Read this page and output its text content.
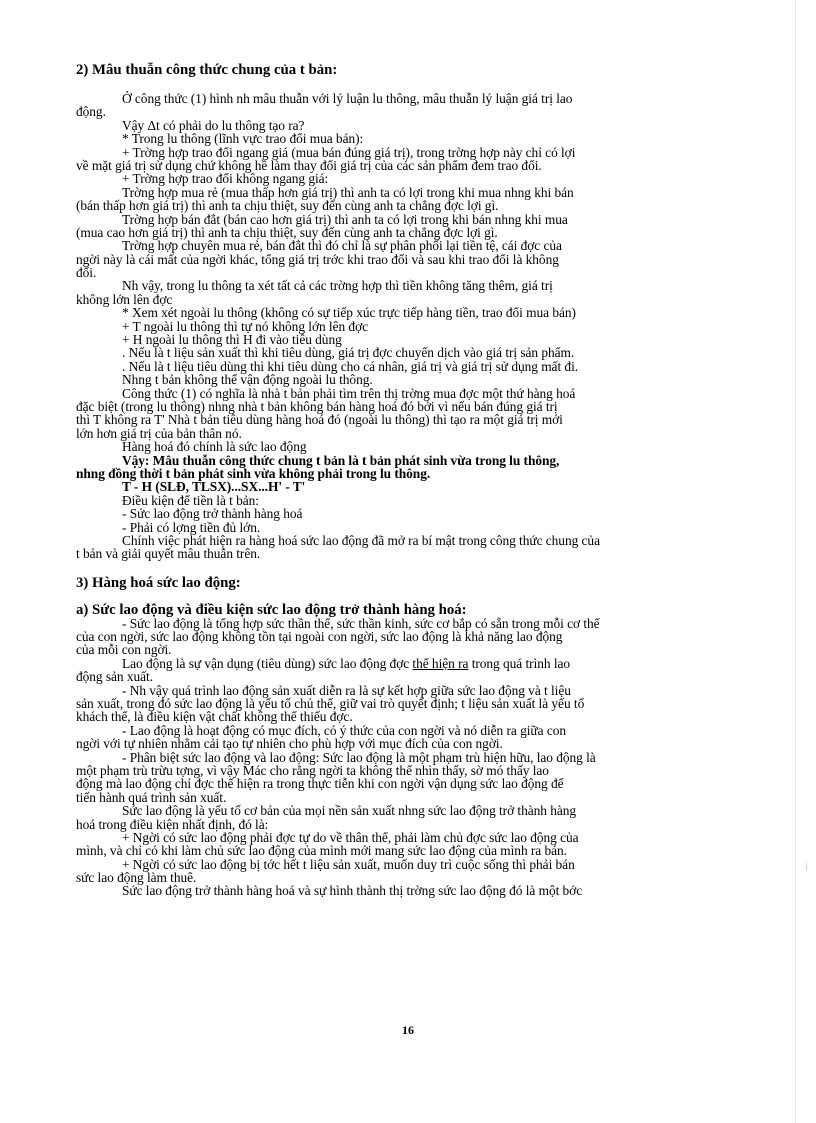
|
2) Mâu thuẫn công thức chung của t bản:
Ở công thức (1) hình nh mâu thuẫn với lý luận lu thông, mâu thuẫn lý luận giá trị lao
động.
Vậy Δt có phải do lu thông tạo ra?
* Trong lu thông (lĩnh vực trao đổi mua bán):
+ Trờng hợp trao đổi ngang giá (mua bán đúng giá trị), trong trờng hợp này chỉ có lợi
về mặt giá trị sử dụng chứ không hề làm thay đổi giá trị của các sản phẩm đem trao đổi.
+ Trờng hợp trao đổi không ngang giá:
Trờng hợp mua rẻ (mua thấp hơn giá trị) thì anh ta có lợi trong khi mua nhng khi bán
(bán thấp hơn giá trị) thì anh ta chịu thiệt, suy đến cùng anh ta chẳng đợc lợi gì.
Trờng hợp bán đắt (bán cao hơn giá trị) thì anh ta có lợi trong khi bán nhng khi mua
(mua cao hơn giá trị) thì anh ta chịu thiệt, suy đến cùng anh ta chẳng đợc lợi gì.
Trờng hợp chuyên mua rẻ, bán đắt thì đó chỉ là sự phân phối lại tiền tệ, cái đợc của
ngời này là cái mất của ngời khác, tổng giá trị trớc khi trao đổi và sau khi trao đổi là không
đổi.
Nh vậy, trong lu thông ta xét tất cả các trờng hợp thì tiền không tăng thêm, giá trị
không lớn lên đợc
* Xem xét ngoài lu thông (không có sự tiếp xúc trực tiếp hàng tiền, trao đổi mua bán)
+ T ngoài lu thông thì tự nó không lớn lên đợc
+ H ngoài lu thông thì H đi vào tiêu dùng
. Nếu là t liệu sản xuất thì khi tiêu dùng, giá trị đợc chuyển dịch vào giá trị sản phẩm.
. Nếu là t liệu tiêu dùng thì khi tiêu dùng cho cá nhân, giá trị và giá trị sử dụng mất đi.
Nhng t bản không thể vận động ngoài lu thông.
Công thức (1) có nghĩa là nhà t bản phải tìm trên thị trờng mua đợc một thứ hàng hoá
đặc biệt (trong lu thông) nhng nhà t bản không bán hàng hoá đó bởi vì nếu bán đúng giá trị
thì T không ra T' Nhà t bản tiêu dùng hàng hoá đó (ngoài lu thông) thì tạo ra một giá trị mới
lớn hơn giá trị của bản thân nó.
Hàng hoá đó chính là sức lao động
Vậy: Mâu thuẫn công thức chung t bản là t bản phát sinh vừa trong lu thông,
nhng đồng thời t bản phát sinh vừa không phải trong lu thông.
T - H (SLĐ, TLSX)...SX...H' - T'
Điều kiện để tiền là t bản:
- Sức lao động trở thành hàng hoá
- Phải có lợng tiền đủ lớn.
Chính việc phát hiện ra hàng hoá sức lao động đã mở ra bí mật trong công thức chung của
t bản và giải quyết mâu thuẫn trên.
3) Hàng hoá sức lao động:
a) Sức lao động và điều kiện sức lao động trở thành hàng hoá:
- Sức lao động là tổng hợp sức thần thể, sức thần kinh, sức cơ bắp có sẵn trong mỗi cơ thể
của con ngời, sức lao động không tồn tại ngoài con ngời, sức lao động là khả năng lao động
của mỗi con ngời.
Lao động là sự vận dụng (tiêu dùng) sức lao động đợc thể hiện ra trong quá trình lao
động sản xuất.
- Nh vậy quá trình lao động sản xuất diễn ra là sự kết hợp giữa sức lao động và t liệu
sản xuất, trong đó sức lao động là yếu tố chủ thể, giữ vai trò quyết định; t liệu sản xuất là yếu tố
khách thể, là điều kiện vật chất không thể thiếu đợc.
- Lao động là hoạt động có mục đích, có ý thức của con ngời và nó diễn ra giữa con
ngời với tự nhiên nhằm cải tạo tự nhiên cho phù hợp với mục đích của con ngời.
- Phân biệt sức lao động và lao động: Sức lao động là một phạm trù hiện hữu, lao động là
một phạm trù trừu tợng, vì vậy Mác cho rằng ngời ta không thể nhìn thấy, sờ mó thấy lao
động mà lao động chỉ đợc thể hiện ra trong thực tiễn khi con ngời vận dụng sức lao động để
tiến hành quá trình sản xuất.
Sức lao động là yếu tố cơ bản của mọi nền sản xuất nhng sức lao động trở thành hàng
hoá trong điều kiện nhất định, đó là:
+ Ngời có sức lao động phải đợc tự do về thân thể, phải làm chủ đợc sức lao động của
mình, và chỉ có khi làm chủ sức lao động của mình mới mang sức lao động của mình ra bán.
+ Ngời có sức lao động bị tớc hết t liệu sản xuất, muốn duy trì cuộc sống thì phải bán
sức lao động làm thuê.
Sức lao động trở thành hàng hoá và sự hình thành thị trờng sức lao động đó là một bớc
16
